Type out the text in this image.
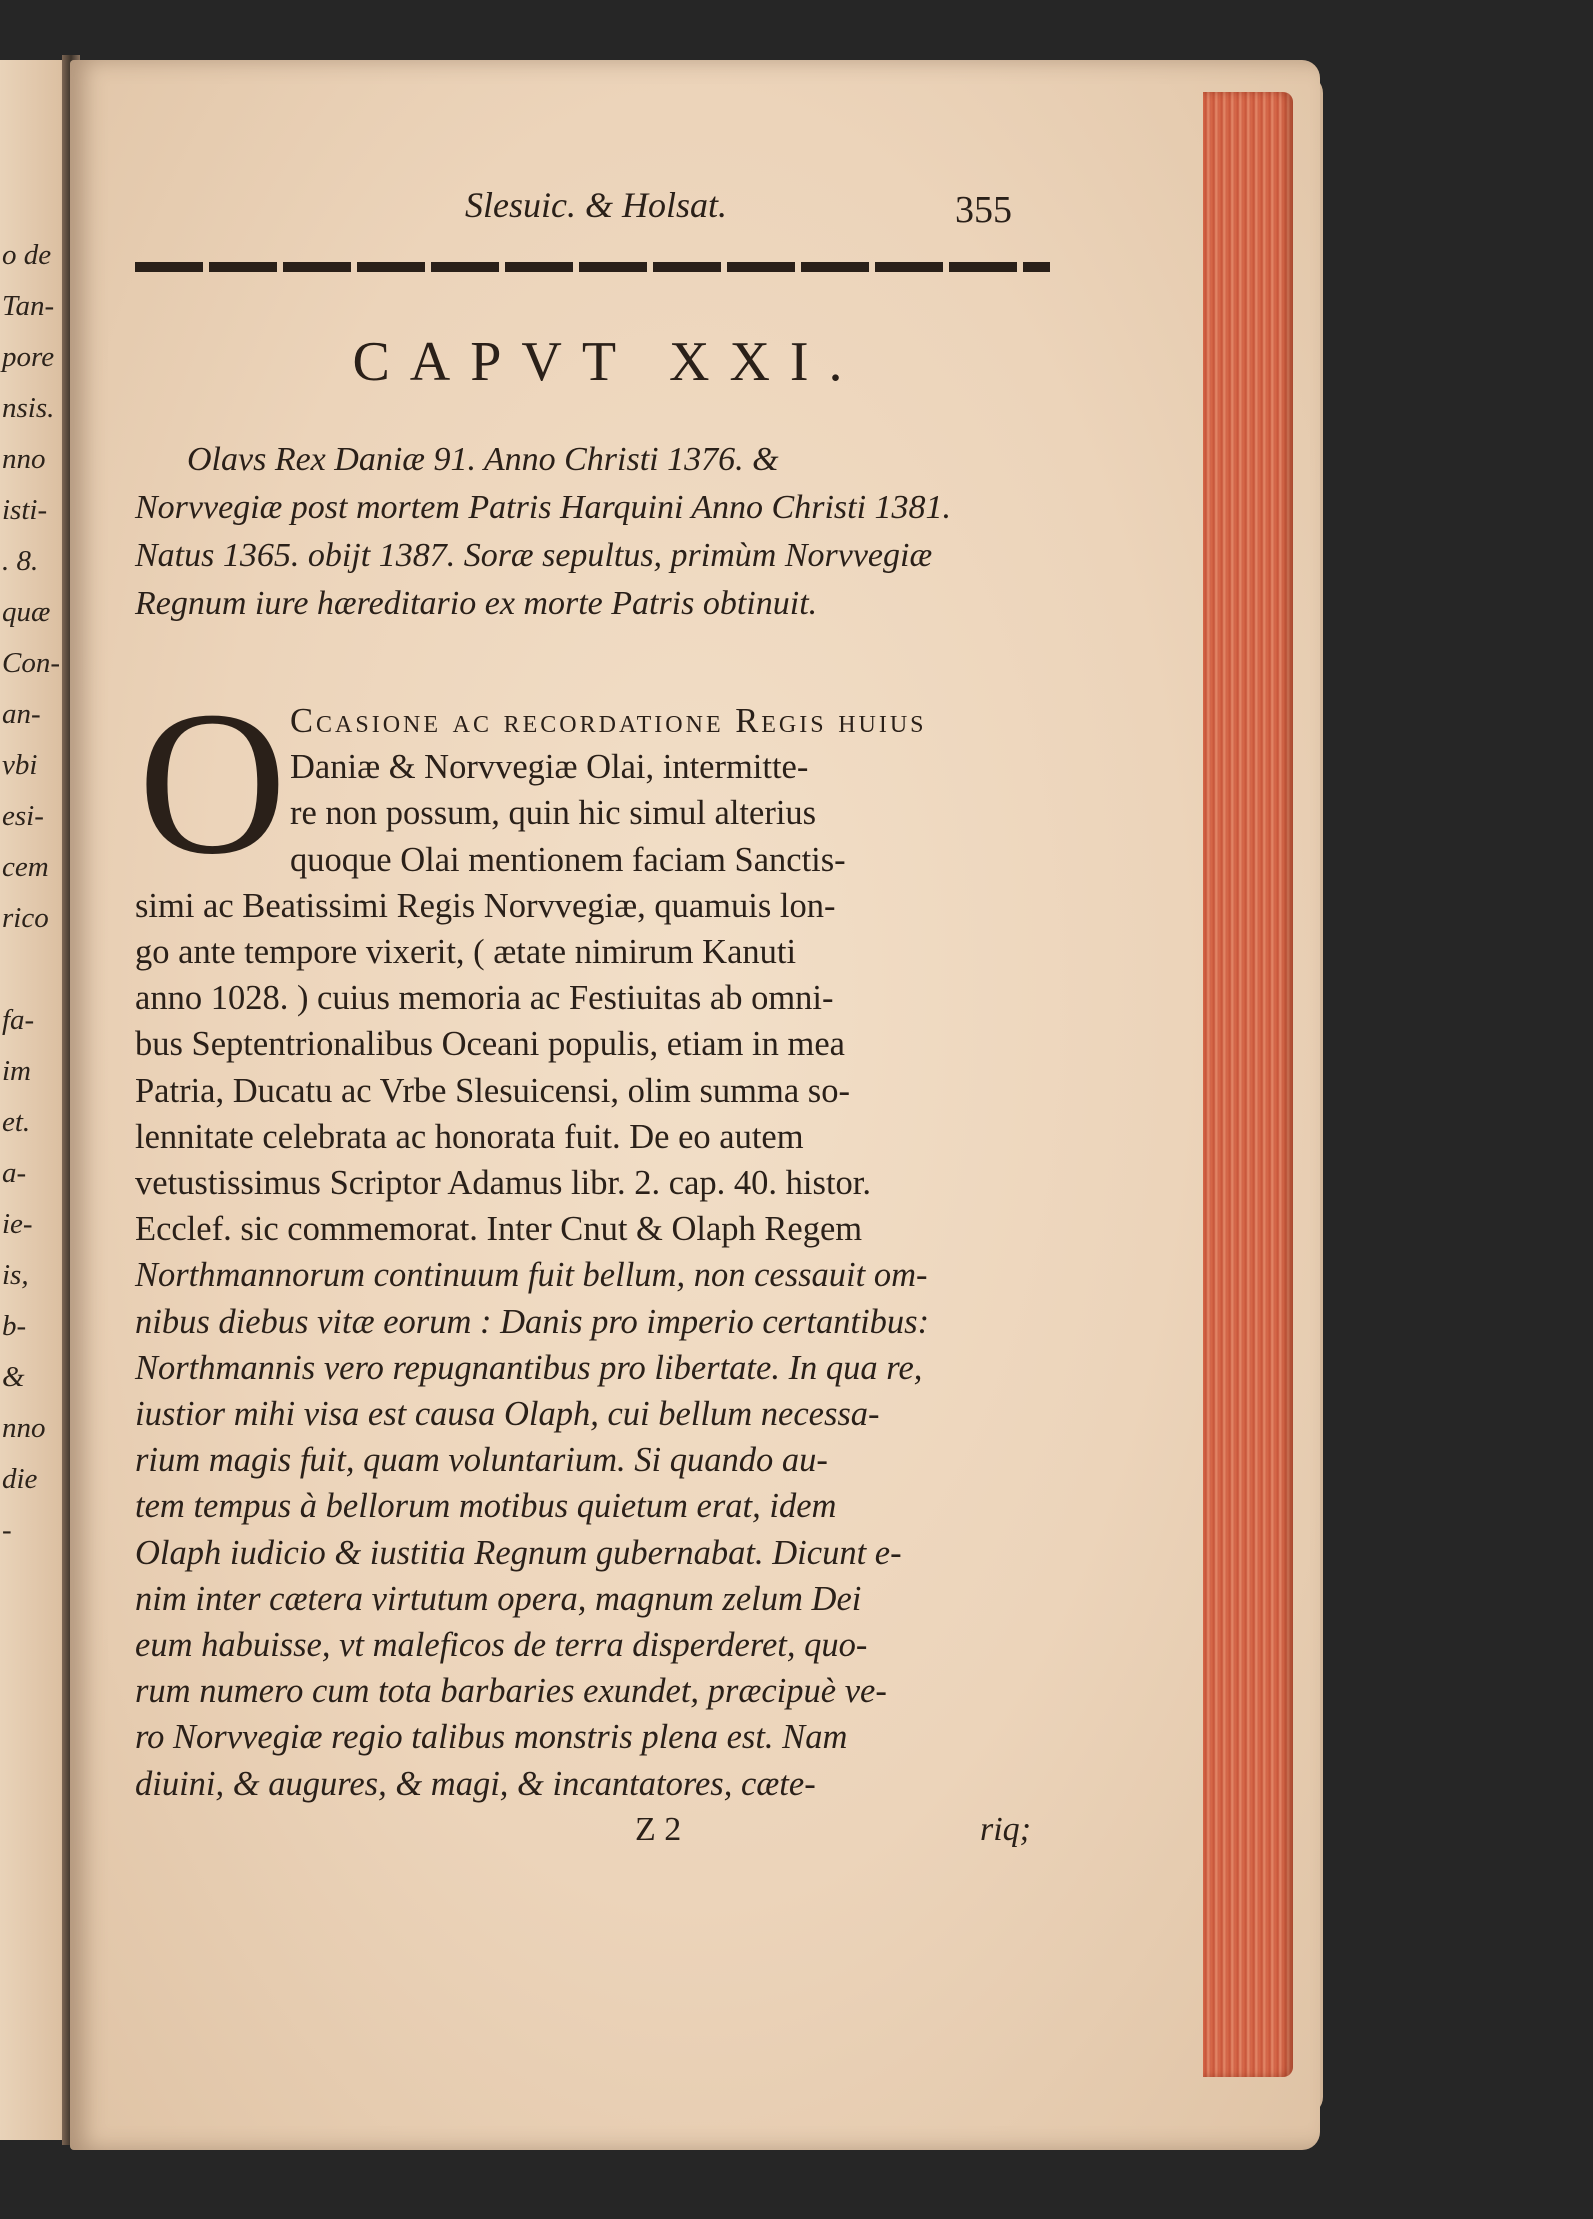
o de
Tan-
pore
nsis.
nno
isti-
. 8.
quæ
Con-
an-
vbi
esi-
cem
rico
fa-
im
et.
a-
ie-
is,
b-
&
nno
die
-
Slesuic. & Holsat.	355
CAPVT XXI.
Olavs Rex Daniæ 91. Anno Christi 1376. &
Norvvegiæ post mortem Patris Harquini Anno Christi 1381.
Natus 1365. obijt 1387. Soræ sepultus, primùm Norvvegiæ
Regnum iure hæreditario ex morte Patris obtinuit.
O Ccasione ac recordatione Regis huius
Daniæ & Norvvegiæ Olai, intermitte-
re non possum, quin hic simul alterius
quoque Olai mentionem faciam Sanctis-
simi ac Beatissimi Regis Norvvegiæ, quamuis lon-
go ante tempore vixerit, ( ætate nimirum Kanuti
anno 1028. ) cuius memoria ac Festiuitas ab omni-
bus Septentrionalibus Oceani populis, etiam in mea
Patria, Ducatu ac Vrbe Slesuicensi, olim summa so-
lennitate celebrata ac honorata fuit. De eo autem
vetustissimus Scriptor Adamus libr. 2. cap. 40. histor.
Ecclef. sic commemorat. Inter Cnut & Olaph Regem
Northmannorum continuum fuit bellum, non cessauit om-
nibus diebus vitæ eorum : Danis pro imperio certantibus:
Northmannis vero repugnantibus pro libertate. In qua re,
iustior mihi visa est causa Olaph, cui bellum necessa-
rium magis fuit, quam voluntarium. Si quando au-
tem tempus à bellorum motibus quietum erat, idem
Olaph iudicio & iustitia Regnum gubernabat. Dicunt e-
nim inter cætera virtutum opera, magnum zelum Dei
eum habuisse, vt maleficos de terra disperderet, quo-
rum numero cum tota barbaries exundet, præcipuè ve-
ro Norvvegiæ regio talibus monstris plena est. Nam
diuini, & augures, & magi, & incantatores, cæte-
Z 2	riq;
